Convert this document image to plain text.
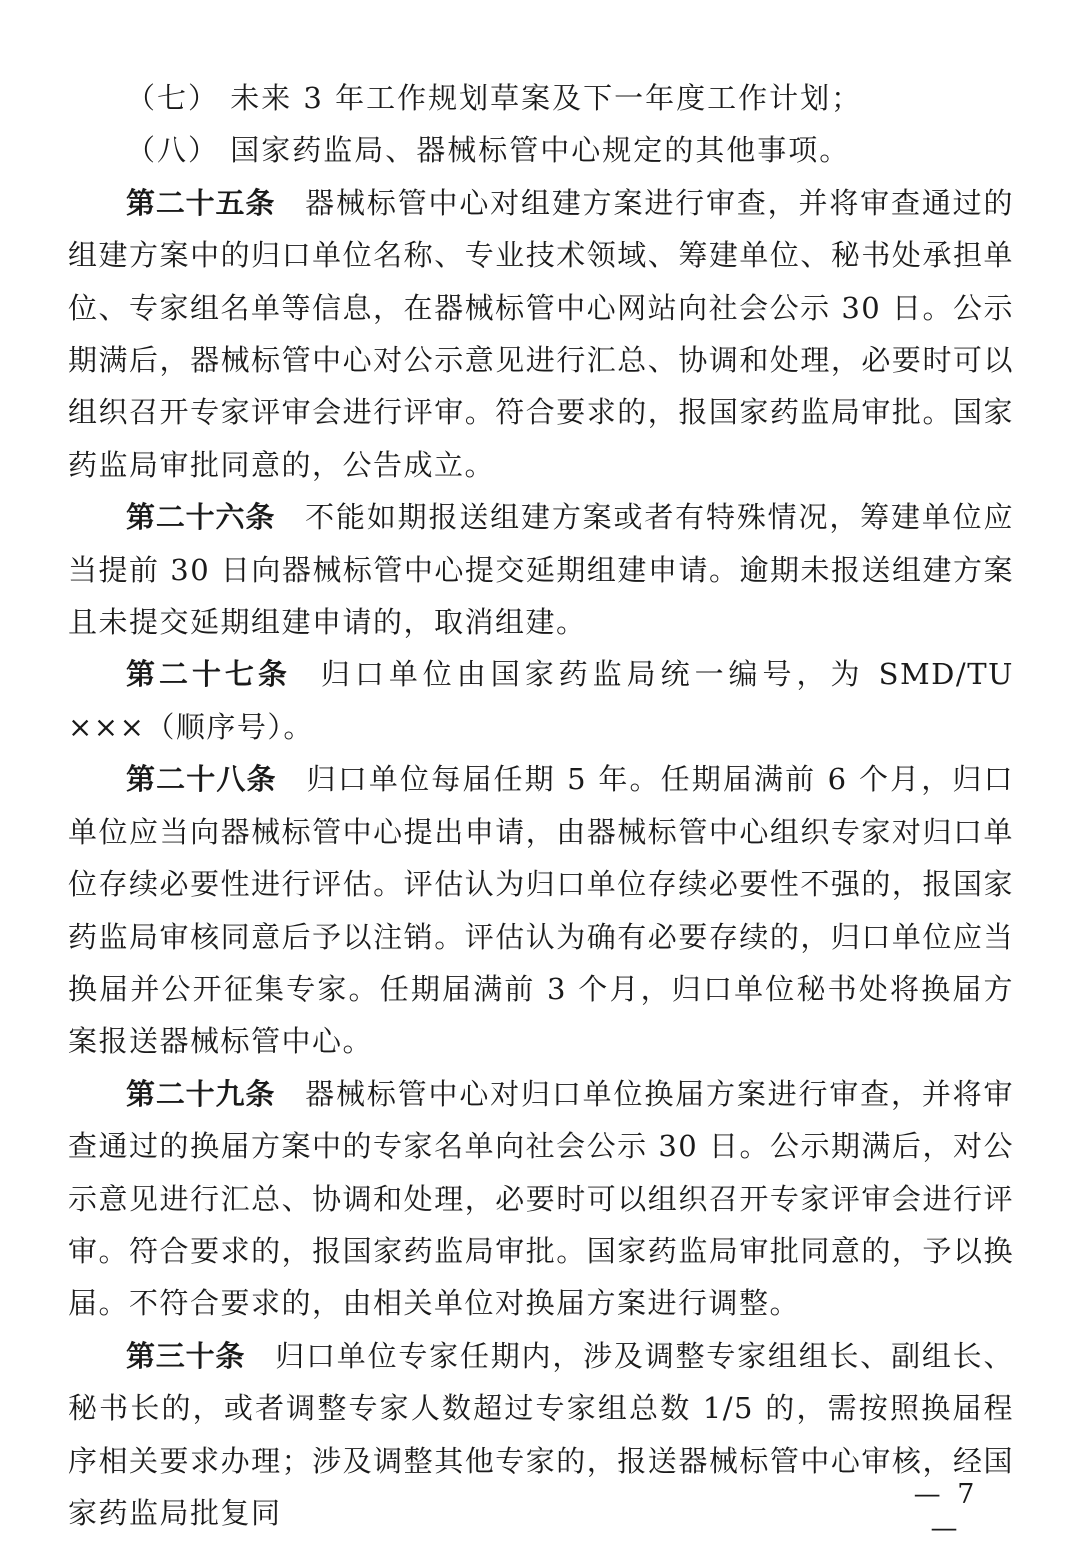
（七） 未来 3 年工作规划草案及下一年度工作计划；

（八） 国家药监局、器械标管中心规定的其他事项。

第二十五条 器械标管中心对组建方案进行审查，并将审查通过的组建方案中的归口单位名称、专业技术领域、筹建单位、秘书处承担单位、专家组名单等信息，在器械标管中心网站向社会公示 30 日。公示期满后，器械标管中心对公示意见进行汇总、协调和处理，必要时可以组织召开专家评审会进行评审。符合要求的，报国家药监局审批。国家药监局审批同意的，公告成立。

第二十六条 不能如期报送组建方案或者有特殊情况，筹建单位应当提前 30 日向器械标管中心提交延期组建申请。逾期未报送组建方案且未提交延期组建申请的，取消组建。

第二十七条 归口单位由国家药监局统一编号，为 SMD/TU ×××（顺序号）。

第二十八条 归口单位每届任期 5 年。任期届满前 6 个月，归口单位应当向器械标管中心提出申请，由器械标管中心组织专家对归口单位存续必要性进行评估。评估认为归口单位存续必要性不强的，报国家药监局审核同意后予以注销。评估认为确有必要存续的，归口单位应当换届并公开征集专家。任期届满前 3 个月，归口单位秘书处将换届方案报送器械标管中心。

第二十九条 器械标管中心对归口单位换届方案进行审查，并将审查通过的换届方案中的专家名单向社会公示 30 日。公示期满后，对公示意见进行汇总、协调和处理，必要时可以组织召开专家评审会进行评审。符合要求的，报国家药监局审批。国家药监局审批同意的，予以换届。不符合要求的，由相关单位对换届方案进行调整。

第三十条 归口单位专家任期内，涉及调整专家组组长、副组长、秘书长的，或者调整专家人数超过专家组总数 1/5 的，需按照换届程序相关要求办理；涉及调整其他专家的，报送器械标管中心审核，经国家药监局批复同

— 7 —
